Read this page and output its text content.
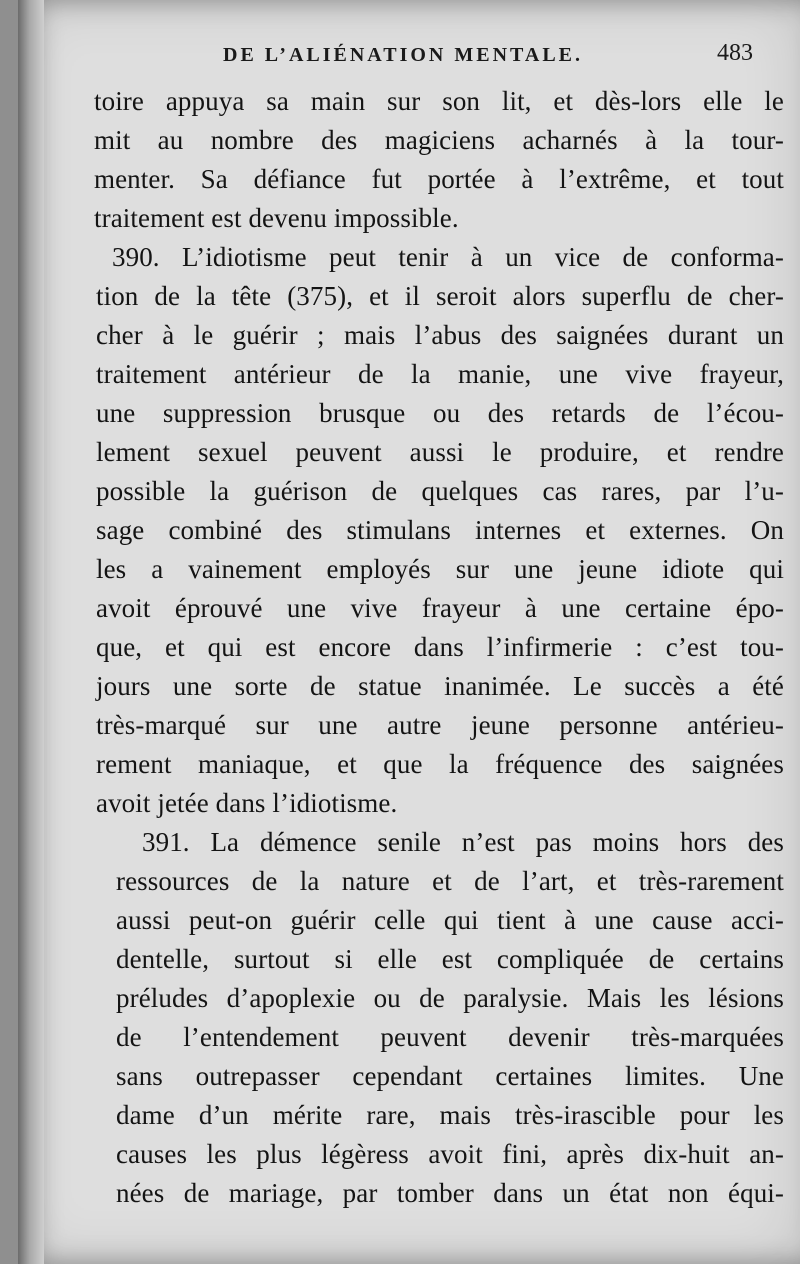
DE L’ALIÉNATION MENTALE.	483
toire appuya sa main sur son lit, et dès-lors elle le
mit au nombre des magiciens acharnés à la tour-
menter. Sa défiance fut portée à l’extrême, et tout
traitement est devenu impossible.
390. L’idiotisme peut tenir à un vice de conforma-
tion de la tête (375), et il seroit alors superflu de cher-
cher à le guérir ; mais l’abus des saignées durant un
traitement antérieur de la manie, une vive frayeur,
une suppression brusque ou des retards de l’écou-
lement sexuel peuvent aussi le produire, et rendre
possible la guérison de quelques cas rares, par l’u-
sage combiné des stimulans internes et externes. On
les a vainement employés sur une jeune idiote qui
avoit éprouvé une vive frayeur à une certaine épo-
que, et qui est encore dans l’infirmerie : c’est tou-
jours une sorte de statue inanimée. Le succès a été
très-marqué sur une autre jeune personne antérieu-
rement maniaque, et que la fréquence des saignées
avoit jetée dans l’idiotisme.
391. La démence senile n’est pas moins hors des
ressources de la nature et de l’art, et très-rarement
aussi peut-on guérir celle qui tient à une cause acci-
dentelle, surtout si elle est compliquée de certains
préludes d’apoplexie ou de paralysie. Mais les lésions
de l’entendement peuvent devenir très-marquées
sans outrepasser cependant certaines limites. Une
dame d’un mérite rare, mais très-irascible pour les
causes les plus légèress avoit fini, après dix-huit an-
nées de mariage, par tomber dans un état non équi-
